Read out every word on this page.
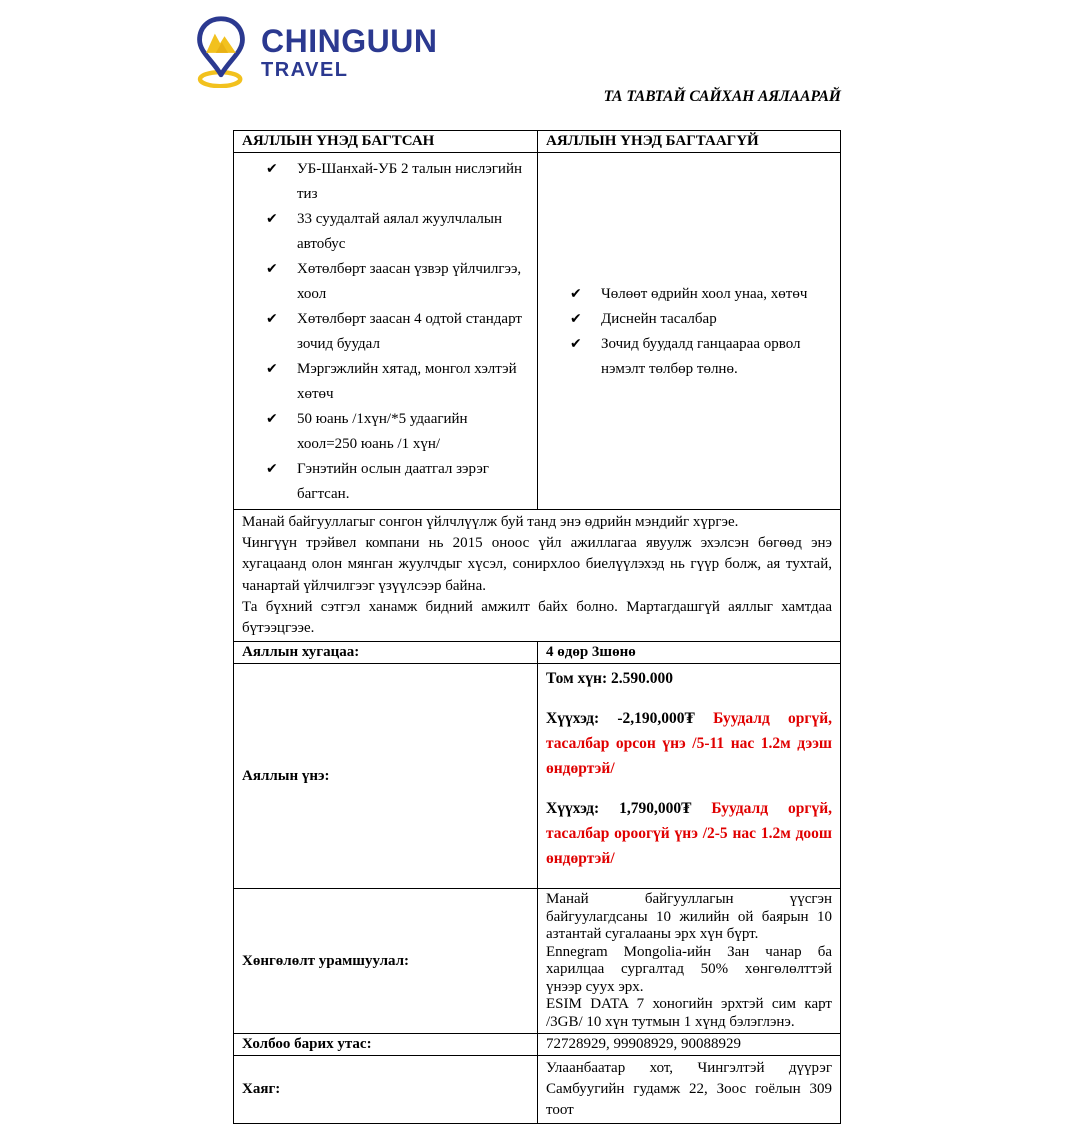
CHINGUUN
TRAVEL
ТА ТАВТАЙ САЙХАН АЯЛААРАЙ
АЯЛЛЫН ҮНЭД БАГТСАН	АЯЛЛЫН ҮНЭД БАГТААГҮЙ

✔ УБ-Шанхай-УБ 2 талын нислэгийн тиз
✔ 33 суудалтай аялал жуулчлалын автобус
✔ Хөтөлбөрт заасан үзвэр үйлчилгээ, хоол
✔ Хөтөлбөрт заасан 4 одтой стандарт зочид буудал
✔ Мэргэжлийн хятад, монгол хэлтэй хөтөч
✔ 50 юань /1хүн/*5 удаагийн хоол=250 юань /1 хүн/
✔ Гэнэтийн ослын даатгал зэрэг багтсан.

✔ Чөлөөт өдрийн хоол унаа, хөтөч
✔ Диснейн тасалбар
✔ Зочид буудалд ганцаараа орвол нэмэлт төлбөр төлнө.

Манай байгууллагыг сонгон үйлчлүүлж буй танд энэ өдрийн мэндийг хүргэе.

Чингүүн трэйвел компани нь 2015 оноос үйл ажиллагаа явуулж эхэлсэн бөгөөд энэ хугацаанд олон мянган жуулчдыг хүсэл, сонирхлоо биелүүлэхэд нь гүүр болж, ая тухтай, чанартай үйлчилгээг үзүүлсээр байна.

Та бүхний сэтгэл ханамж бидний амжилт байх болно. Мартагдашгүй аяллыг хамтдаа бүтээцгээе.	

Аяллын хугацаа:	4 өдөр 3шөнө
Аяллын үнэ:	Том хүн: 2.590.000

Хүүхэд: -2,190,000₮ Буудалд оргүй, тасалбар орсон үнэ /5-11 нас 1.2м дээш өндөртэй/

Хүүхэд: 1,790,000₮ Буудалд оргүй, тасалбар ороогүй үнэ /2-5 нас 1.2м доош өндөртэй/

Хөнгөлөлт урамшуулал:	Манай байгууллагын үүсгэн байгуулагдсаны 10 жилийн ой баярын 10 азтантай сугалааны эрх хүн бүрт.

Ennegram Mongolia-ийн Зан чанар ба харилцаа сургалтад 50% хөнгөлөлттэй үнээр суух эрх.

ESIM DATA 7 хоногийн эрхтэй сим карт /3GB/ 10 хүн тутмын 1 хүнд бэлэглэнэ.

Холбоо барих утас:	72728929, 99908929, 90088929
Хаяг:	Улаанбаатар хот, Чингэлтэй дүүрэг Самбуугийн гудамж 22, Зоос гоёлын 309 тоот
